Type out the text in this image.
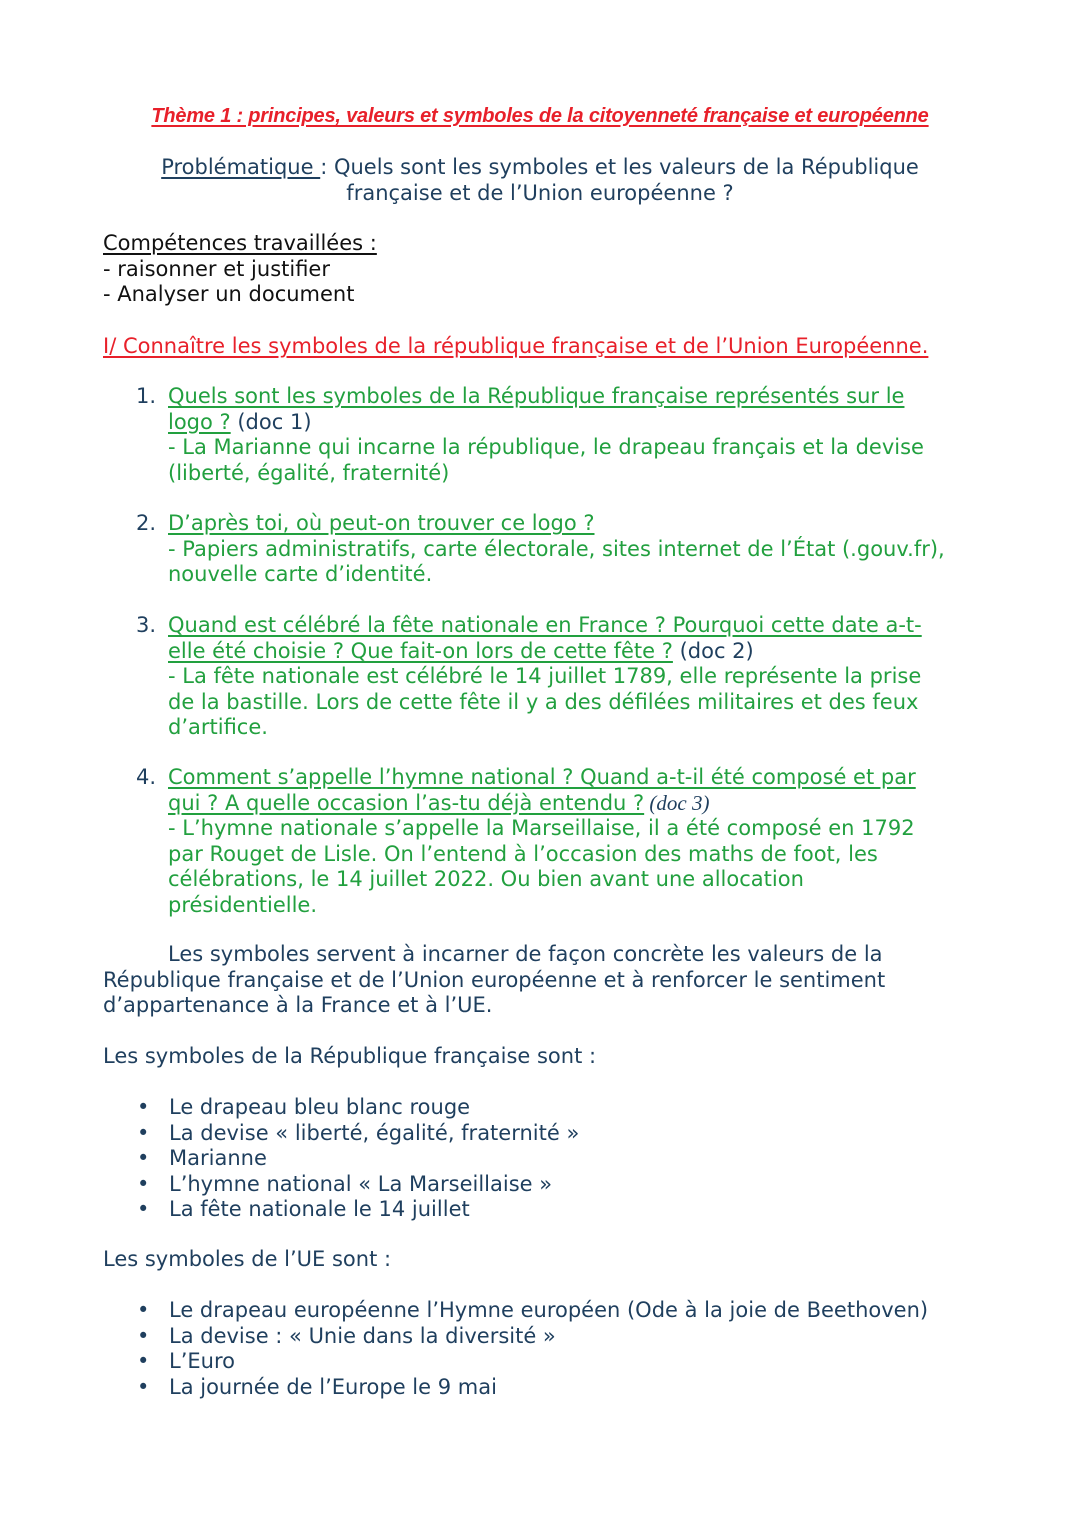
Thème 1 : principes, valeurs et symboles de la citoyenneté française et européenne
Problématique : Quels sont les symboles et les valeurs de la République
française et de l’Union européenne ?
Compétences travaillées :
- raisonner et justifier
- Analyser un document
I/ Connaître les symboles de la république française et de l’Union Européenne.
1. Quels sont les symboles de la République française représentés sur le
logo ? (doc 1)
- La Marianne qui incarne la république, le drapeau français et la devise
(liberté, égalité, fraternité)
2. D’après toi, où peut-on trouver ce logo ?
- Papiers administratifs, carte électorale, sites internet de l’État (.gouv.fr),
nouvelle carte d’identité.
3. Quand est célébré la fête nationale en France ? Pourquoi cette date a-t-
elle été choisie ? Que fait-on lors de cette fête ? (doc 2)
- La fête nationale est célébré le 14 juillet 1789, elle représente la prise
de la bastille. Lors de cette fête il y a des défilées militaires et des feux
d’artifice.
4. Comment s’appelle l’hymne national ? Quand a-t-il été composé et par
qui ? A quelle occasion l’as-tu déjà entendu ? (doc 3)
- L’hymne nationale s’appelle la Marseillaise, il a été composé en 1792
par Rouget de Lisle. On l’entend à l’occasion des maths de foot, les
célébrations, le 14 juillet 2022. Ou bien avant une allocation
présidentielle.
Les symboles servent à incarner de façon concrète les valeurs de la
République française et de l’Union européenne et à renforcer le sentiment
d’appartenance à la France et à l’UE.
Les symboles de la République française sont :
• Le drapeau bleu blanc rouge
• La devise « liberté, égalité, fraternité »
• Marianne
• L’hymne national « La Marseillaise »
• La fête nationale le 14 juillet
Les symboles de l’UE sont :
• Le drapeau européenne l’Hymne européen (Ode à la joie de Beethoven)
• La devise : « Unie dans la diversité »
• L’Euro
• La journée de l’Europe le 9 mai
